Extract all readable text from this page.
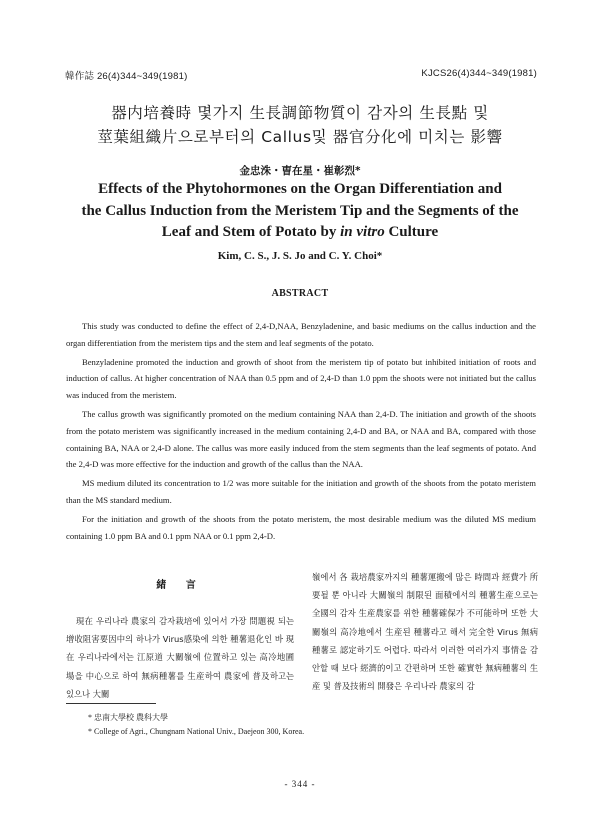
韓作誌 26(4)344~349(1981)	KJCS26(4)344~349(1981)
器内培養時 몇가지 生長調節物質이 감자의 生長點 및
莖葉組織片으로부터의 Callus및 器官分化에 미치는 影響
金忠洙・曺在星・崔彰烈*
Effects of the Phytohormones on the Organ Differentiation and
the Callus Induction from the Meristem Tip and the Segments of the
Leaf and Stem of Potato by in vitro Culture
Kim, C. S., J. S. Jo and C. Y. Choi*
ABSTRACT

This study was conducted to define the effect of 2,4-D,NAA, Benzyladenine, and basic mediums on the callus induction and the organ differentiation from the meristem tips and the stem and leaf segments of the potato.

Benzyladenine promoted the induction and growth of shoot from the meristem tip of potato but inhibited initiation of roots and induction of callus. At higher concentration of NAA than 0.5 ppm and of 2,4-D than 1.0 ppm the shoots were not initiated but the callus was induced from the meristem.

The callus growth was significantly promoted on the medium containing NAA than 2,4-D. The initiation and growth of the shoots from the potato meristem was significantly increased in the medium containing 2,4-D and BA, or NAA and BA, compared with those containing BA, NAA or 2,4-D alone. The callus was more easily induced from the stem segments than the leaf segments of potato. And the 2,4-D was more effective for the induction and growth of the callus than the NAA.

MS medium diluted its concentration to 1/2 was more suitable for the initiation and growth of the shoots from the potato meristem than the MS standard medium.

For the initiation and growth of the shoots from the potato meristem, the most desirable medium was the diluted MS medium containing 1.0 ppm BA and 0.1 ppm NAA or 0.1 ppm 2,4-D.

緒 言

現在 우리나라 農家의 감자栽培에 있어서 가장 問題視 되는 增收阻害要因中의 하나가 Virus感染에 의한 種薯退化인 바 現在 우리나라에서는 江原道 大關嶺에 位置하고 있는 高冷地圃場을 中心으로 하여 無病種薯를 生産하여 農家에 普及하고는 있으나 大關

嶺에서 各 栽培農家까지의 種薯運搬에 많은 時間과 經費가 所要될 뿐 아니라 大關嶺의 制限된 面積에서의 種薯生産으로는 全國의 감자 生産農家를 위한 種薯確保가 不可能하며 또한 大關嶺의 高冷地에서 生産된 種薯라고 해서 完全한 Virus 無病種薯로 認定하기도 어렵다. 따라서 이러한 여러가지 事情을 감안할 때 보다 經濟的이고 간편하며 또한 確實한 無病種薯의 生産 및 普及技術의 開發은 우리나라 農家의 감

* 忠南大學校 農科大學
* College of Agri., Chungnam National Univ., Daejeon 300, Korea.
- 344 -
